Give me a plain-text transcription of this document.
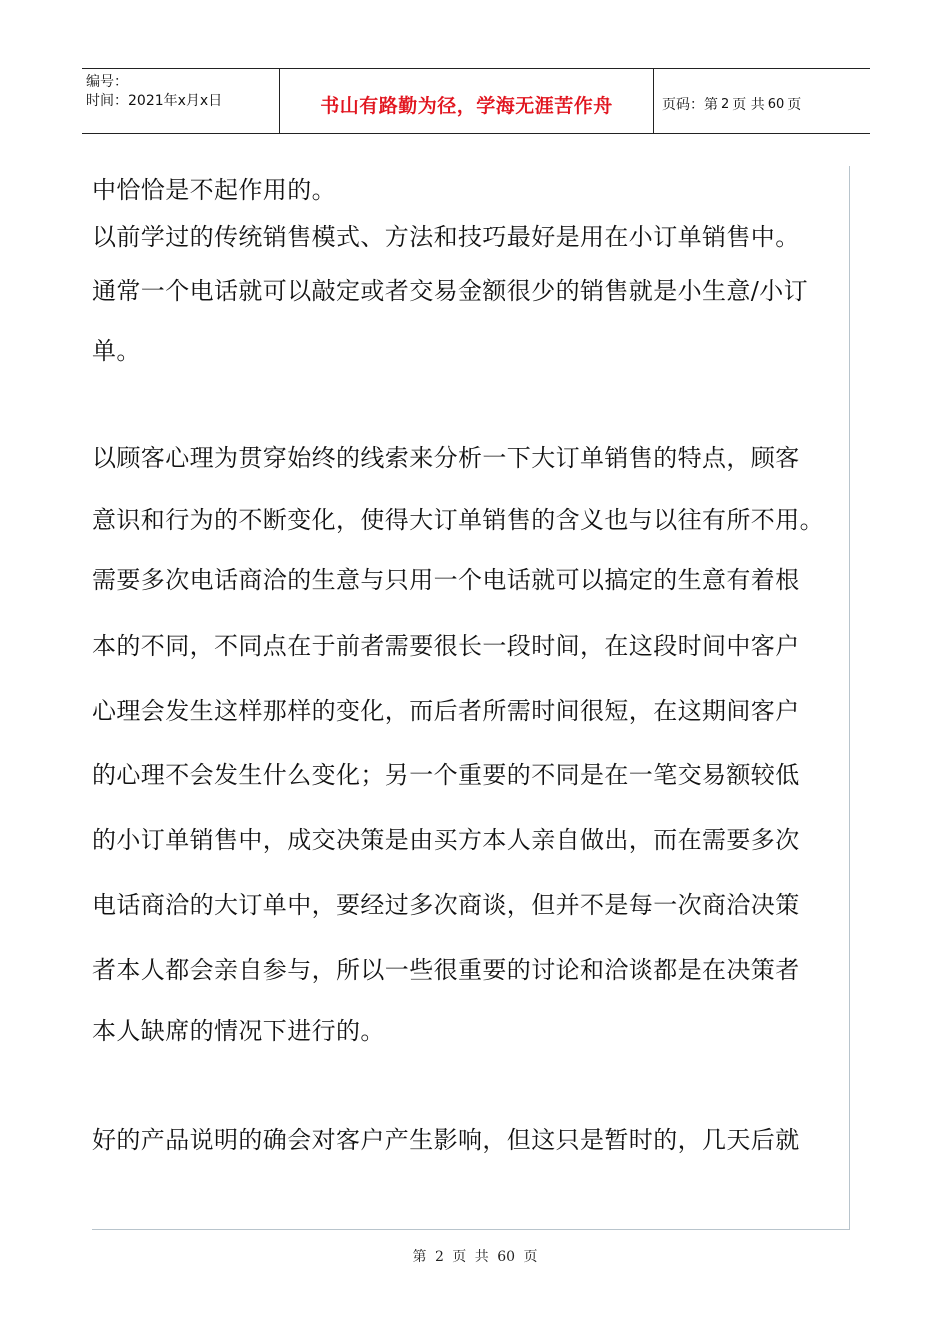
编号：
时间：2021年x月x日	书山有路勤为径，学海无涯苦作舟	页码：第 2 页 共 60 页
中恰恰是不起作用的。
以前学过的传统销售模式、方法和技巧最好是用在小订单销售中。
通常一个电话就可以敲定或者交易金额很少的销售就是小生意/小订
单。
以顾客心理为贯穿始终的线索来分析一下大订单销售的特点，顾客
意识和行为的不断变化，使得大订单销售的含义也与以往有所不用。
需要多次电话商洽的生意与只用一个电话就可以搞定的生意有着根
本的不同，不同点在于前者需要很长一段时间，在这段时间中客户
心理会发生这样那样的变化，而后者所需时间很短，在这期间客户
的心理不会发生什么变化；另一个重要的不同是在一笔交易额较低
的小订单销售中，成交决策是由买方本人亲自做出，而在需要多次
电话商洽的大订单中，要经过多次商谈，但并不是每一次商洽决策
者本人都会亲自参与，所以一些很重要的讨论和洽谈都是在决策者
本人缺席的情况下进行的。
好的产品说明的确会对客户产生影响，但这只是暂时的，几天后就
第 2 页 共 60 页
